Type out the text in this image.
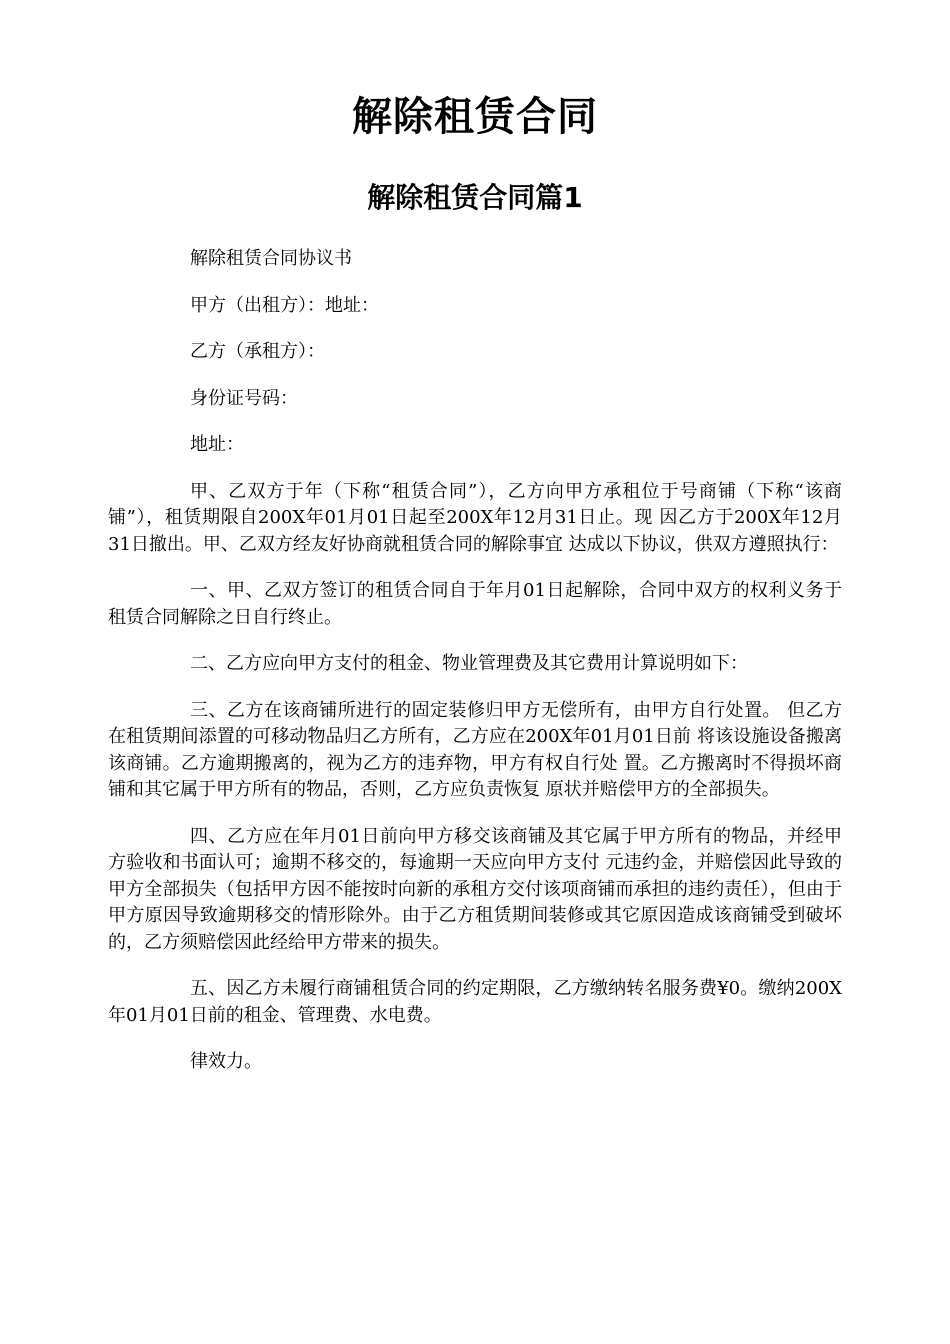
解除租赁合同
解除租赁合同篇1

解除租赁合同协议书

甲方（出租方）：地址：

乙方（承租方）：

身份证号码：

地址：

甲、乙双方于年（下称“租赁合同”），乙方向甲方承租位于号商铺（下称“该商铺”），租赁期限自200X年01月01日起至200X年12月31日止。现 因乙方于200X年12月31日撤出。甲、乙双方经友好协商就租赁合同的解除事宜 达成以下协议，供双方遵照执行：

一、甲、乙双方签订的租赁合同自于年月01日起解除，合同中双方的权利义务于租赁合同解除之日自行终止。

二、乙方应向甲方支付的租金、物业管理费及其它费用计算说明如下：

三、乙方在该商铺所进行的固定装修归甲方无偿所有，由甲方自行处置。 但乙方在租赁期间添置的可移动物品归乙方所有，乙方应在200X年01月01日前 将该设施设备搬离该商铺。乙方逾期搬离的，视为乙方的违弃物，甲方有权自行处 置。乙方搬离时不得损坏商铺和其它属于甲方所有的物品，否则，乙方应负责恢复 原状并赔偿甲方的全部损失。

四、乙方应在年月01日前向甲方移交该商铺及其它属于甲方所有的物品，并经甲方验收和书面认可；逾期不移交的，每逾期一天应向甲方支付 元违约金，并赔偿因此导致的甲方全部损失（包括甲方因不能按时向新的承租方交付该项商铺而承担的违约责任），但由于甲方原因导致逾期移交的情形除外。由于乙方租赁期间装修或其它原因造成该商铺受到破坏的，乙方须赔偿因此经给甲方带来的损失。

五、因乙方未履行商铺租赁合同的约定期限，乙方缴纳转名服务费¥0。缴纳200X年01月01日前的租金、管理费、水电费。

律效力。
